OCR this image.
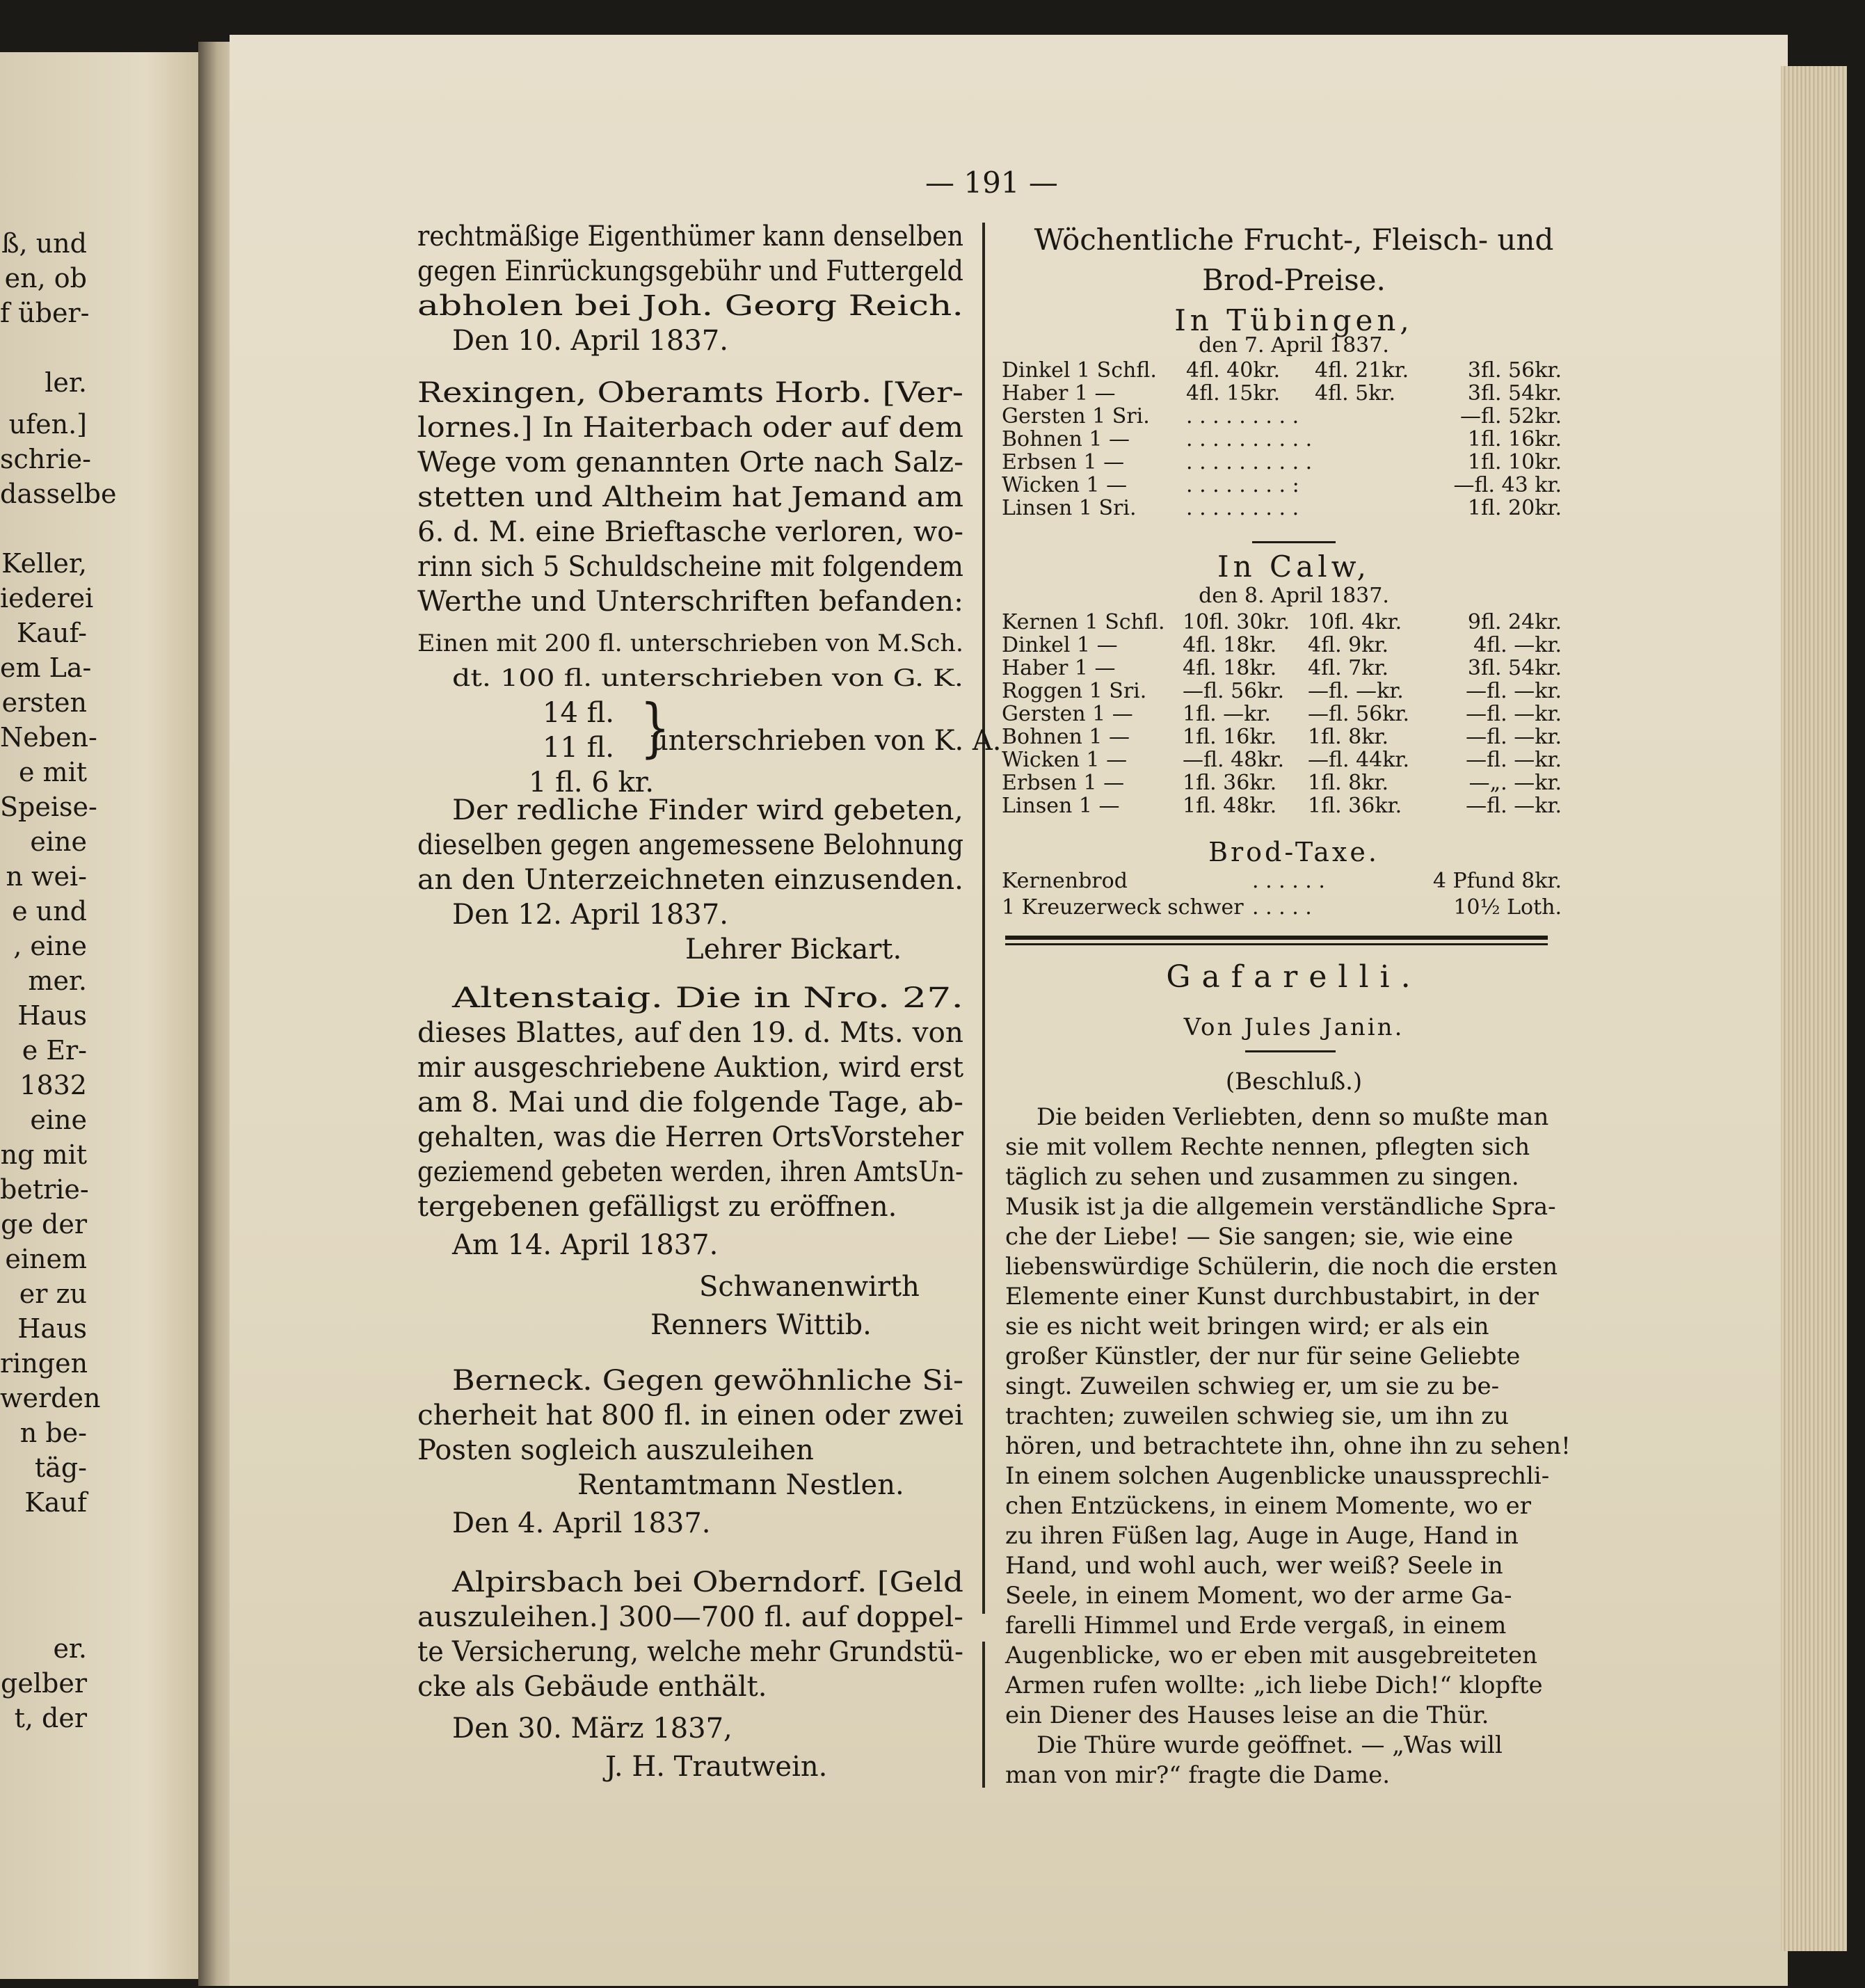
ß, und
en, ob
f über-
ler.
ufen.]
schrie-
dasselbe
Keller,
iederei
Kauf-
em La-
ersten
Neben-
e mit
Speise-
eine
n wei-
e und
, eine
mer.
Haus
e Er-
1832
eine
ng mit
betrie-
ge der
einem
er zu
Haus
ringen
werden
n be-
täg-
Kauf
er.
gelber
t, der
— 191 —
rechtmäßige Eigenthümer kann denselben
gegen Einrückungsgebühr und Futtergeld
abholen bei Joh. Georg Reich.
Den 10. April 1837.
Rexingen, Oberamts Horb. [Ver-
lornes.] In Haiterbach oder auf dem
Wege vom genannten Orte nach Salz-
stetten und Altheim hat Jemand am
6. d. M. eine Brieftasche verloren, wo-
rinn sich 5 Schuldscheine mit folgendem
Werthe und Unterschriften befanden:
Einen mit 200 fl. unterschrieben von M.Sch.
dt. 100 fl. unterschrieben von G. K.
14 fl.
11 fl. unterschrieben von K. A.
1 fl. 6 kr.
Der redliche Finder wird gebeten,
dieselben gegen angemessene Belohnung
an den Unterzeichneten einzusenden.
Den 12. April 1837.
Lehrer Bickart.
Altenstaig. Die in Nro. 27.
dieses Blattes, auf den 19. d. Mts. von
mir ausgeschriebene Auktion, wird erst
am 8. Mai und die folgende Tage, ab-
gehalten, was die Herren OrtsVorsteher
geziemend gebeten werden, ihren AmtsUn-
tergebenen gefälligst zu eröffnen.
Am 14. April 1837.
Schwanenwirth
Renners Wittib.
Berneck. Gegen gewöhnliche Si-
cherheit hat 800 fl. in einen oder zwei
Posten sogleich auszuleihen
Rentamtmann Nestlen.
Den 4. April 1837.
Alpirsbach bei Oberndorf. [Geld
auszuleihen.] 300—700 fl. auf doppel-
te Versicherung, welche mehr Grundstü-
cke als Gebäude enthält.
Den 30. März 1837,
J. H. Trautwein.
}
Wöchentliche Frucht-, Fleisch- und
Brod-Preise.
In Tübingen,
den 7. April 1837.
Dinkel 1 Schfl. 4fl. 40kr. 4fl. 21kr.	3fl. 56kr.
Haber 1 —	4fl. 15kr. 4fl. 5kr.	3fl. 54kr.
Gersten 1 Sri. . . . . . . . . .	—fl. 52kr.
Bohnen 1 —	. . . . . . . . . .	1fl. 16kr.
Erbsen 1 —	. . . . . . . . . .	1fl. 10kr.
Wicken 1 —	. . . . . . . . :	—fl. 43 kr.
Linsen 1 Sri. . . . . . . . . .	1fl. 20kr.
In Calw,
den 8. April 1837.
Kernen 1 Schfl. 10fl. 30kr. 10fl. 4kr.	9fl. 24kr.
Dinkel 1 —	4fl. 18kr. 4fl. 9kr.	4fl. —kr.
Haber 1 —	4fl. 18kr. 4fl. 7kr.	3fl. 54kr.
Roggen 1 Sri. —fl. 56kr. —fl. —kr.	—fl. —kr.
Gersten 1 — 1fl. —kr. —fl. 56kr.	—fl. —kr.
Bohnen 1 —	1fl. 16kr. 1fl. 8kr.	—fl. —kr.
Wicken 1 —	—fl. 48kr. —fl. 44kr.	—fl. —kr.
Erbsen 1 —	1fl. 36kr. 1fl. 8kr.	—„. —kr.
Linsen 1 —	1fl. 48kr. 1fl. 36kr.	—fl. —kr.
Brod-Taxe.
Kernenbrod	. . . . . .	4 Pfund 8kr.
1 Kreuzerweck schwer . . . . .	10½ Loth.
Gafarelli.
Von Jules Janin.
(Beschluß.)
Die beiden Verliebten, denn so mußte man
sie mit vollem Rechte nennen, pflegten sich
täglich zu sehen und zusammen zu singen.
Musik ist ja die allgemein verständliche Spra-
che der Liebe! — Sie sangen; sie, wie eine
liebenswürdige Schülerin, die noch die ersten
Elemente einer Kunst durchbustabirt, in der
sie es nicht weit bringen wird; er als ein
großer Künstler, der nur für seine Geliebte
singt. Zuweilen schwieg er, um sie zu be-
trachten; zuweilen schwieg sie, um ihn zu
hören, und betrachtete ihn, ohne ihn zu sehen!
In einem solchen Augenblicke unaussprechli-
chen Entzückens, in einem Momente, wo er
zu ihren Füßen lag, Auge in Auge, Hand in
Hand, und wohl auch, wer weiß? Seele in
Seele, in einem Moment, wo der arme Ga-
farelli Himmel und Erde vergaß, in einem
Augenblicke, wo er eben mit ausgebreiteten
Armen rufen wollte: „ich liebe Dich!“ klopfte
ein Diener des Hauses leise an die Thür.
Die Thüre wurde geöffnet. — „Was will
man von mir?“ fragte die Dame.
